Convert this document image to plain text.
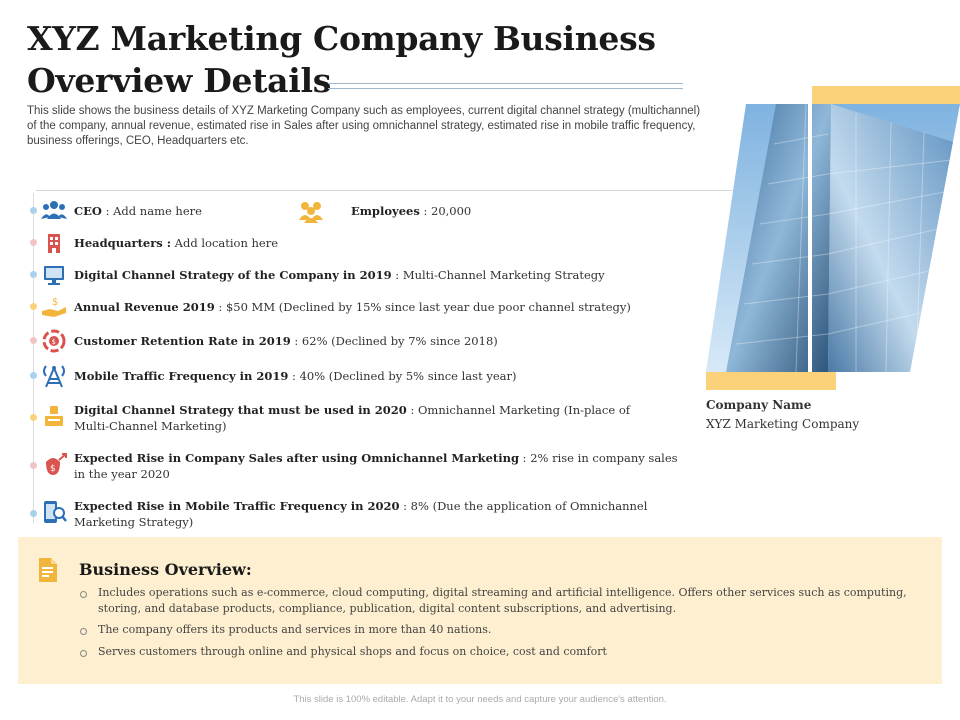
XYZ Marketing Company Business Overview Details
This slide shows the business details of XYZ Marketing Company such as employees, current digital channel strategy (multichannel) of the company, annual revenue, estimated rise in Sales after using omnichannel strategy, estimated rise in mobile traffic frequency, business offerings, CEO, Headquarters etc.
CEO : Add name here	Employees : 20,000
Headquarters : Add location here
Digital Channel Strategy of the Company in 2019 : Multi-Channel Marketing Strategy
$ Annual Revenue 2019 : $50 MM (Declined by 15% since last year due poor channel strategy)
$ Customer Retention Rate in 2019 : 62% (Declined by 7% since 2018)
Mobile Traffic Frequency in 2019 : 40% (Declined by 5% since last year)
Digital Channel Strategy that must be used in 2020 : Omnichannel Marketing (In-place of
Multi-Channel Marketing)
$
Expected Rise in Company Sales after using Omnichannel Marketing : 2% rise in company sales
in the year 2020
Expected Rise in Mobile Traffic Frequency in 2020 : 8% (Due the application of Omnichannel
Marketing Strategy)
Company Name
XYZ Marketing Company
Business Overview:
Includes operations such as e-commerce, cloud computing, digital streaming and artificial intelligence. Offers other services such as computing, storing, and database products, compliance, publication, digital content subscriptions, and advertising.
The company offers its products and services in more than 40 nations.
Serves customers through online and physical shops and focus on choice, cost and comfort
This slide is 100% editable. Adapt it to your needs and capture your audience's attention.
